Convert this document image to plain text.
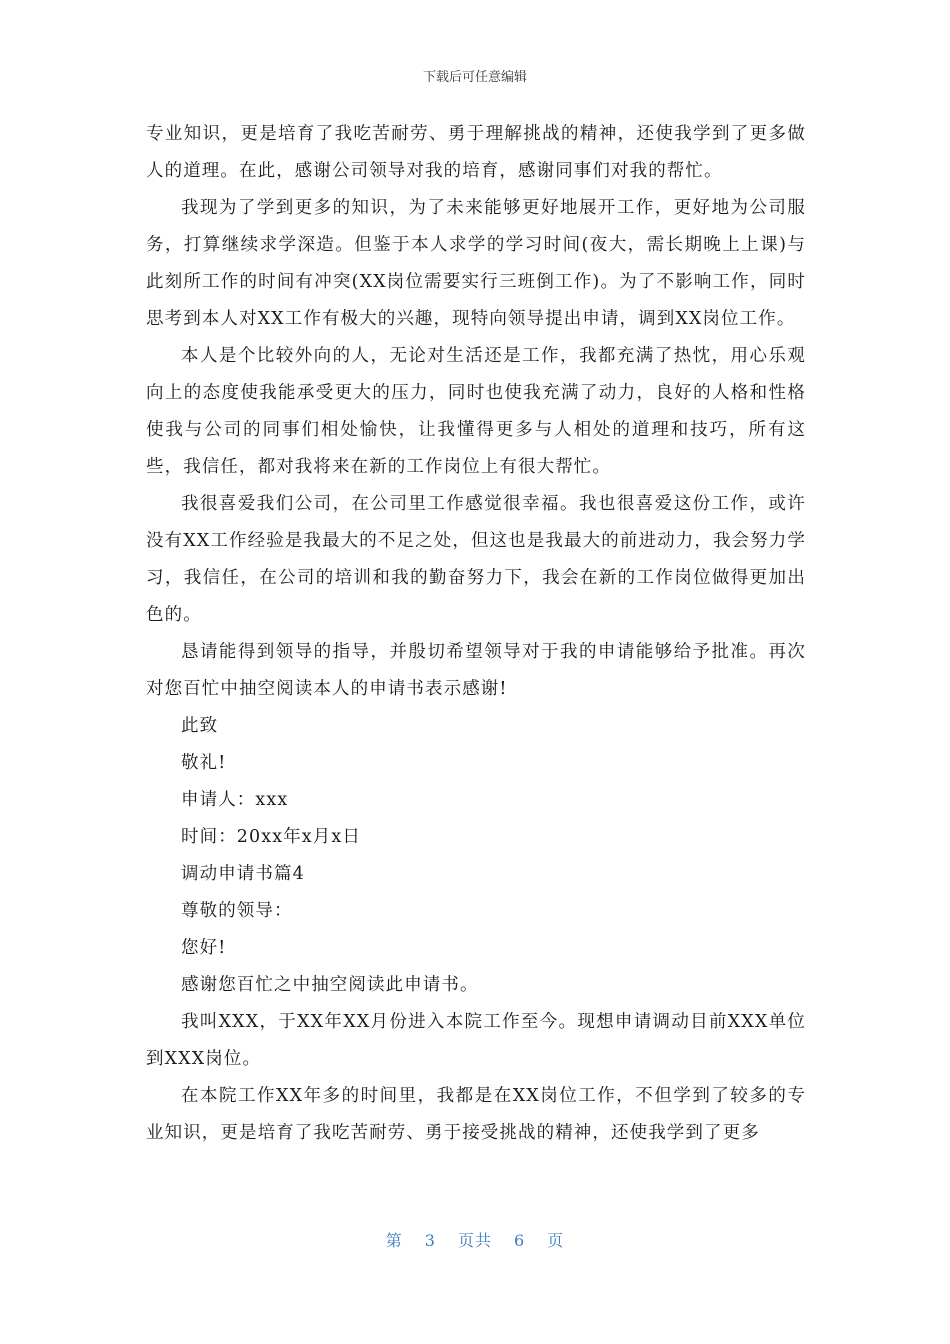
下载后可任意编辑

专业知识，更是培育了我吃苦耐劳、勇于理解挑战的精神，还使我学到了更多做人的道理。在此，感谢公司领导对我的培育，感谢同事们对我的帮忙。

我现为了学到更多的知识，为了未来能够更好地展开工作，更好地为公司服务，打算继续求学深造。但鉴于本人求学的学习时间(夜大，需长期晚上上课)与此刻所工作的时间有冲突(XX岗位需要实行三班倒工作)。为了不影响工作，同时思考到本人对XX工作有极大的兴趣，现特向领导提出申请，调到XX岗位工作。

本人是个比较外向的人，无论对生活还是工作，我都充满了热忱，用心乐观向上的态度使我能承受更大的压力，同时也使我充满了动力，良好的人格和性格使我与公司的同事们相处愉快，让我懂得更多与人相处的道理和技巧，所有这些，我信任，都对我将来在新的工作岗位上有很大帮忙。

我很喜爱我们公司，在公司里工作感觉很幸福。我也很喜爱这份工作，或许没有XX工作经验是我最大的不足之处，但这也是我最大的前进动力，我会努力学习，我信任，在公司的培训和我的勤奋努力下，我会在新的工作岗位做得更加出色的。

恳请能得到领导的指导，并殷切希望领导对于我的申请能够给予批准。再次对您百忙中抽空阅读本人的申请书表示感谢!

此致

敬礼!

申请人：xxx

时间：20xx年x月x日

调动申请书篇4

尊敬的领导：

您好!

感谢您百忙之中抽空阅读此申请书。

我叫XXX，于XX年XX月份进入本院工作至今。现想申请调动目前XXX单位到XXX岗位。

在本院工作XX年多的时间里，我都是在XX岗位工作，不但学到了较多的专业知识，更是培育了我吃苦耐劳、勇于接受挑战的精神，还使我学到了更多

第 3 页共 6 页
